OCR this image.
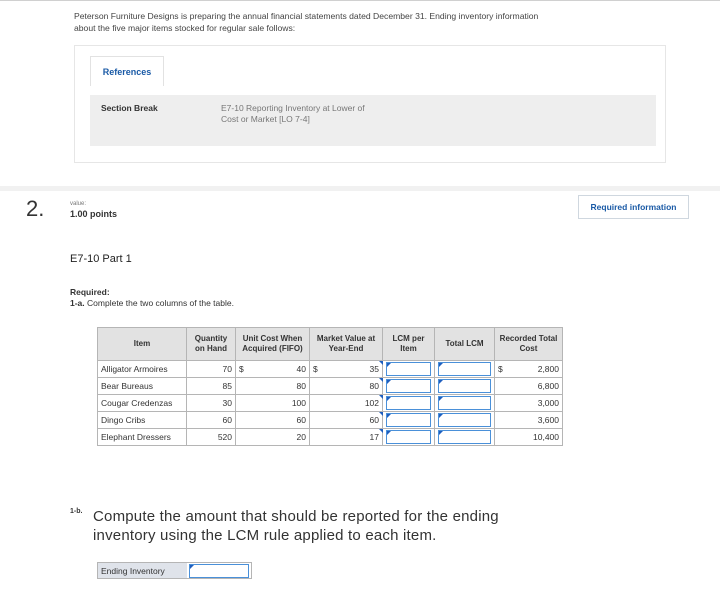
Peterson Furniture Designs is preparing the annual financial statements dated December 31. Ending inventory information about the five major items stocked for regular sale follows:
References
Section Break	E7-10 Reporting Inventory at Lower of Cost or Market [LO 7-4]
2.	value:
1.00 points
Required information
E7-10 Part 1
Required:
1-a. Complete the two columns of the table.
Item	Quantity on Hand	Unit Cost When Acquired (FIFO)	Market Value at Year-End	LCM per Item	Total LCM	Recorded Total Cost
Alligator Armoires	70	$ 40	$ 35			$ 2,800

Bear Bureaus	85	80	80			6,800
Cougar Credenzas	30	100	102			3,000
Dingo Cribs	60	60	60			3,600
Elephant Dressers	520	20	17			10,400
1-b. Compute the amount that should be reported for the ending inventory using the LCM rule applied to each item.
Ending Inventory
